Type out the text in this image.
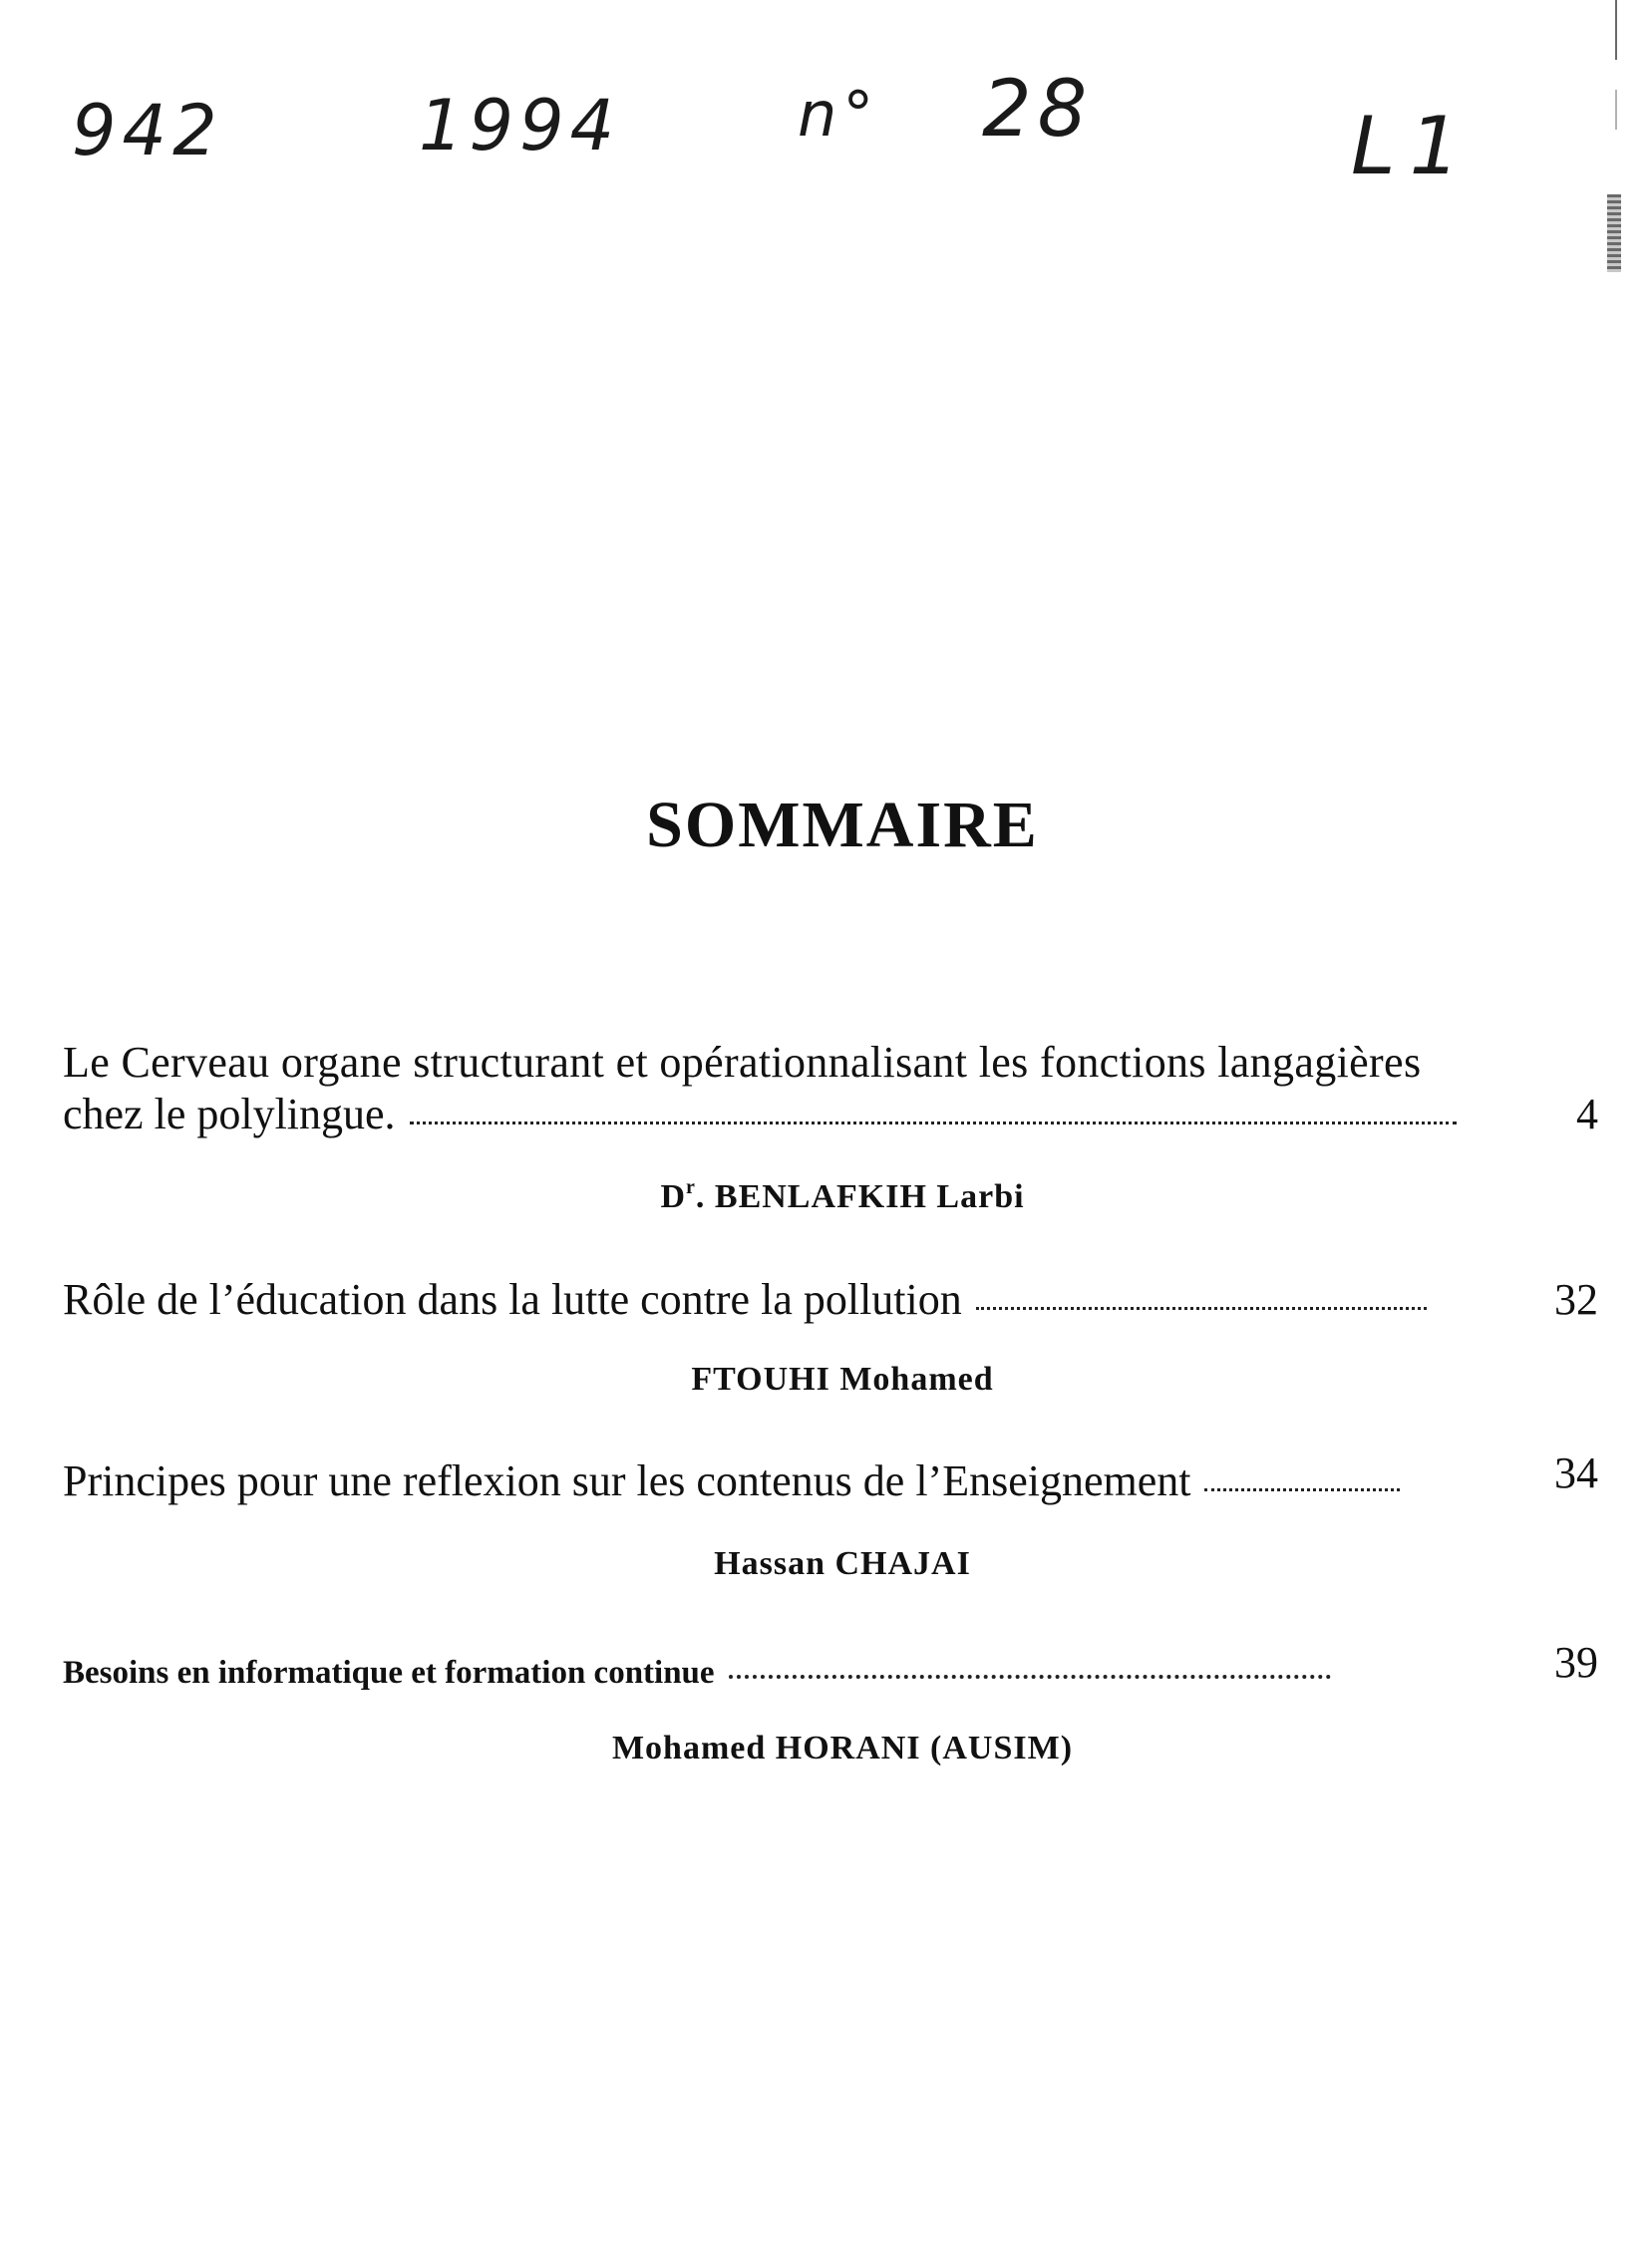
942	1994	n° 28	L1
SOMMAIRE
Le Cerveau organe structurant et opérationnalisant les fonctions langagières
chez le polylingue.	4
$D^r$. BENLAFKIH Larbi
Rôle de l’éducation dans la lutte contre la pollution	32
FTOUHI Mohamed
Principes pour une reflexion sur les contenus de l’Enseignement	34
Hassan CHAJAI
Besoins en informatique et formation continue	39
Mohamed HORANI (AUSIM)
